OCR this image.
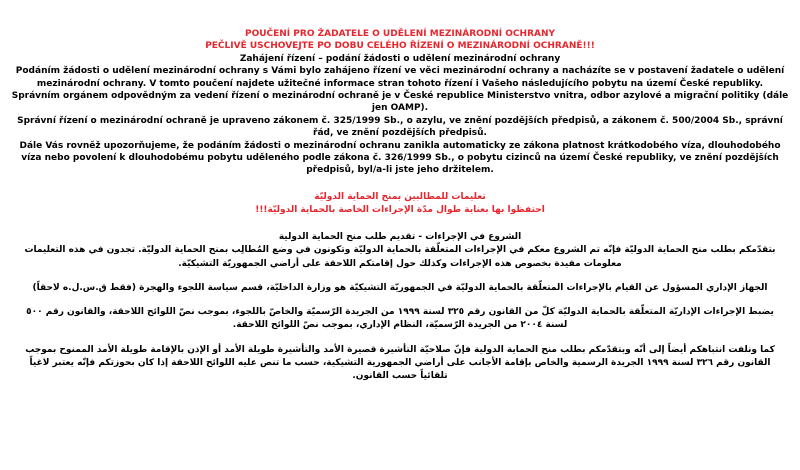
POUČENÍ PRO ŽADATELE O UDĚLENÍ MEZINÁRODNÍ OCHRANY

PEČLIVĚ USCHOVEJTE PO DOBU CELÉHO ŘÍZENÍ O MEZINÁRODNÍ OCHRANĚ!!!

Zahájení řízení – podání žádosti o udělení mezinárodní ochrany

Podáním žádosti o udělení mezinárodní ochrany s Vámi bylo zahájeno řízení ve věci mezinárodní ochrany a nacházíte se v postavení žadatele o udělení mezinárodní ochrany. V tomto poučení najdete užitečné informace stran tohoto řízení i Vašeho následujícího pobytu na území České republiky.

Správním orgánem odpovědným za vedení řízení o mezinárodní ochraně je v České republice Ministerstvo vnitra, odbor azylové a migrační politiky (dále jen OAMP).

Správní řízení o mezinárodní ochraně je upraveno zákonem č. 325/1999 Sb., o azylu, ve znění pozdějších předpisů, a zákonem č. 500/2004 Sb., správní řád, ve znění pozdějších předpisů.

Dále Vás rovněž upozorňujeme, že podáním žádosti o mezinárodní ochranu zanikla automaticky ze zákona platnost krátkodobého víza, dlouhodobého víza nebo povolení k dlouhodobému pobytu uděleného podle zákona č. 326/1999 Sb., o pobytu cizinců na území České republiky, ve znění pozdějších předpisů, byl/a-li jste jeho držitelem.

تعليمات للمطالبين بمنح الحماية الدوليّة

احتفظوا بها بعناية طوال مدّة الإجراءات الخاصة بالحماية الدوليّة!!!

الشروع في الإجراءات - تقديم طلب منح الحماية الدولية

بتقدّمكم بطلب منح الحماية الدوليّة فإنّه تم الشروع معكم في الإجراءات المتعلّقة بالحماية الدوليّة وتكونون في وضع المُطالِب بمنح الحماية الدوليّة. تجدون في هذه التعليمات معلومات مفيدة بخصوص هذه الإجراءات وكذلك حول إقامتكم اللاحقة على أراضي الجمهوريّة التشيكيّة.

الجهاز الإداري المسؤول عن القيام بالإجراءات المتعلّقة بالحماية الدوليّة في الجمهوريّة التشيكيّة هو وزارة الداخليّة، قسم سياسة اللجوء والهجرة (فقط ق.س.ل.ه لاحقاً)

يضبط الإجراءات الإداريّة المتعلّقة بالحماية الدوليّة كلّ من القانون رقم ٣٢٥ لسنة ١٩٩٩ من الجريدة الرّسميّة والخاصّ باللجوء، بموجب نصّ اللوائح اللاحقة، والقانون رقم ٥٠٠ لسنة ٢٠٠٤ من الجريدة الرّسميّة، النظام الإداري، بموجب نصّ اللوائح اللاحقة.

كما ونلفت انتباهكم أيضاً إلى أنّه وبتقدّمكم بطلب منح الحماية الدولية فإنّ صلاحيّة التأشيرة قصيرة الأمد والتأشيرة طويلة الأمد أو الإذن بالإقامة طويلة الأمد الممنوح بموجب القانون رقم ٣٢٦ لسنة ١٩٩٩ الجريدة الرسمية والخاص بإقامة الأجانب على أراضي الجمهورية التشيكية، حسب ما تنص عليه اللوائح اللاحقة إذا كان بحوزتكم فإنّه يعتبر لاغياً تلقائياً حسب القانون.
